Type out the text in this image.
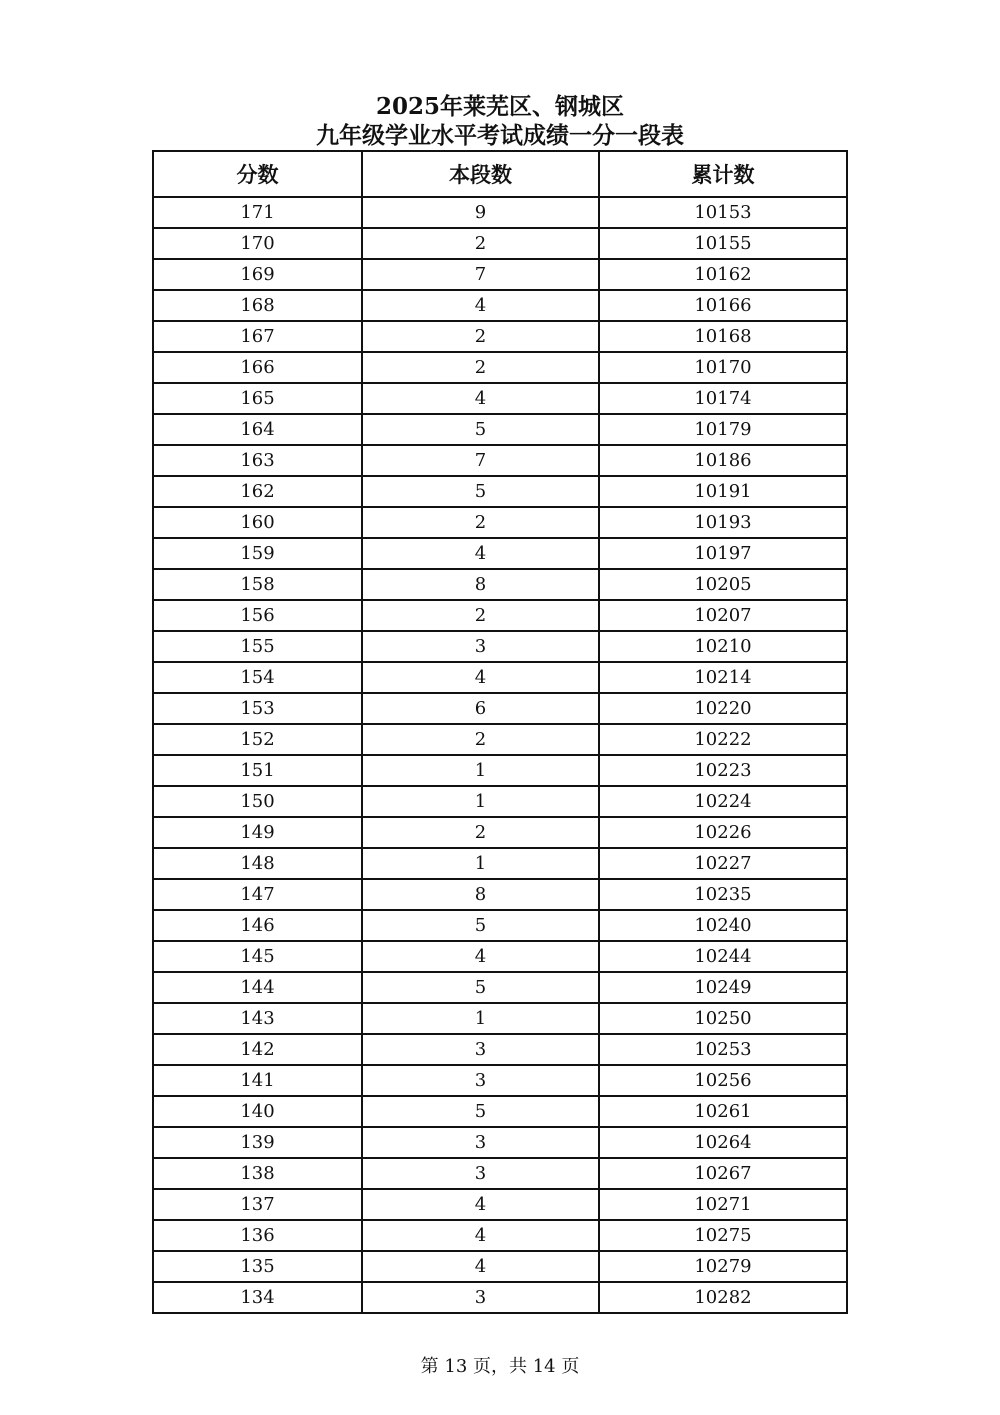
2025年莱芜区、钢城区
九年级学业水平考试成绩一分一段表
分数	本段数	累计数
171	9	10153
170	2	10155
169	7	10162
168	4	10166
167	2	10168
166	2	10170
165	4	10174
164	5	10179
163	7	10186
162	5	10191
160	2	10193
159	4	10197
158	8	10205
156	2	10207
155	3	10210
154	4	10214
153	6	10220
152	2	10222
151	1	10223
150	1	10224
149	2	10226
148	1	10227
147	8	10235
146	5	10240
145	4	10244
144	5	10249
143	1	10250
142	3	10253
141	3	10256
140	5	10261
139	3	10264
138	3	10267
137	4	10271
136	4	10275
135	4	10279
134	3	10282
第 13 页，共 14 页
